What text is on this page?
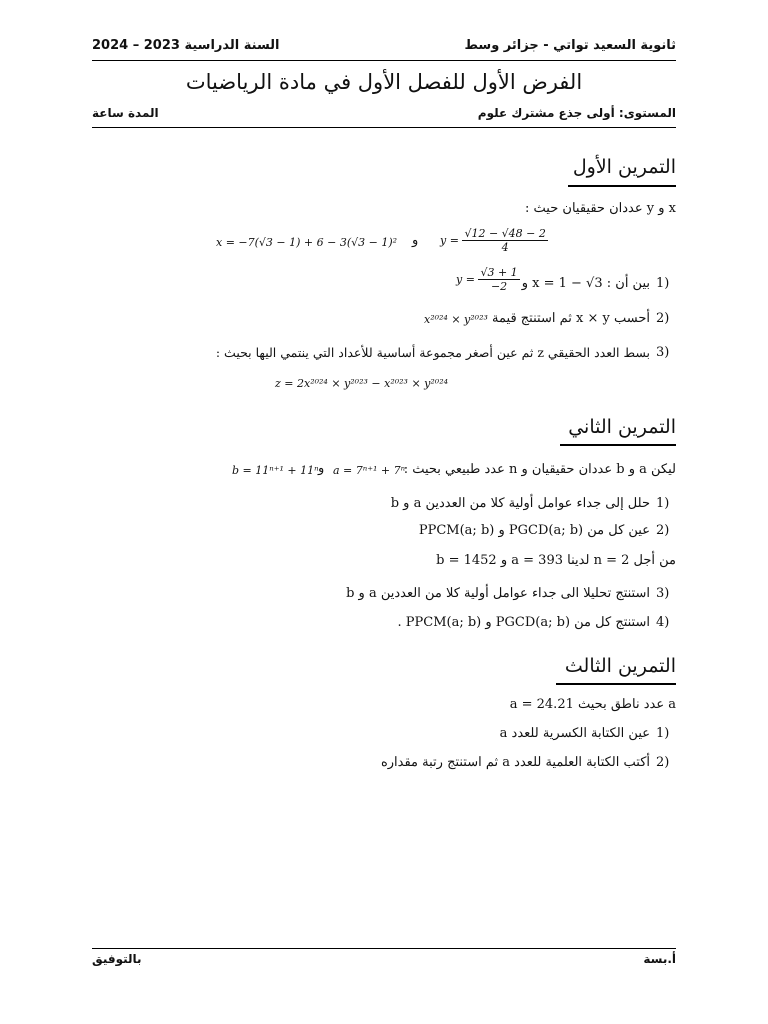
ثانوية السعيد تواتي - جزائر وسط
السنة الدراسية 2023 – 2024
الفرض الأول للفصل الأول في مادة الرياضيات
المستوى: أولى جذع مشترك علوم
المدة ساعة
التمرين الأول
x و y عددان حقيقيان حيث :
x = −7(√3 − 1) + 6 − 3(√3 − 1)² و $y = \frac{√12 - √48 - 2}{4}$
1)
بين أن : x = 1 − √3 و
$y = \frac{√3 + 1}{-2}$
2)
أحسب x × y ثم استنتج قيمة
x²⁰²⁴ × y²⁰²³
3)
بسط العدد الحقيقي z ثم عين أصغر مجموعة أساسية للأعداد التي ينتمي اليها بحيث :
z = 2x²⁰²⁴ × y²⁰²³ − x²⁰²³ × y²⁰²⁴
التمرين الثاني
ليكن a و b عددان حقيقيان و n عدد طبيعي بحيث :
a = 7ⁿ⁺¹ + 7ⁿ
و
b = 11ⁿ⁺¹ + 11ⁿ
1)
حلل إلى جداء عوامل أولية كلا من العددين a و b
2)
عين كل من PGCD(a; b) و PPCM(a; b)
من أجل n = 2 لدينا a = 393 و b = 1452
3)
استنتج تحليلا الى جداء عوامل أولية كلا من العددين a و b
4)
استنتج كل من PGCD(a; b) و PPCM(a; b) .
التمرين الثالث
a عدد ناطق بحيث a = 24.21
1)
عين الكتابة الكسرية للعدد a
2)
أكتب الكتابة العلمية للعدد a ثم استنتج رتبة مقداره
أ.بسة
بالتوفيق
